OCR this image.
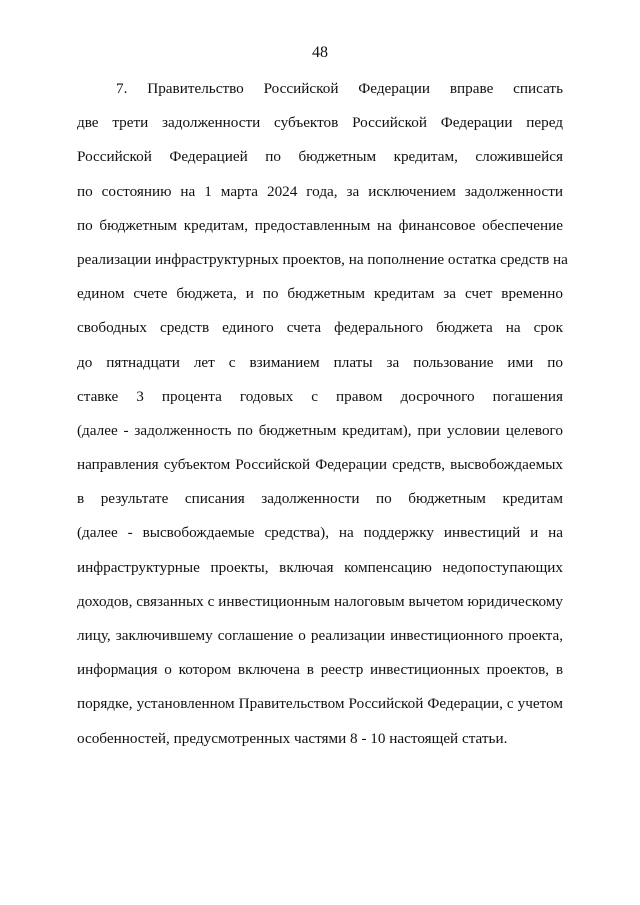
48
7. Правительство Российской Федерации вправе списать
две трети задолженности субъектов Российской Федерации перед
Российской Федерацией по бюджетным кредитам, сложившейся
по состоянию на 1 марта 2024 года, за исключением задолженности
по бюджетным кредитам, предоставленным на финансовое обеспечение
реализации инфраструктурных проектов, на пополнение остатка средств на
едином счете бюджета, и по бюджетным кредитам за счет временно
свободных средств единого счета федерального бюджета на срок
до пятнадцати лет с взиманием платы за пользование ими по
ставке 3 процента годовых с правом досрочного погашения
(далее - задолженность по бюджетным кредитам), при условии целевого
направления субъектом Российской Федерации средств, высвобождаемых
в результате списания задолженности по бюджетным кредитам
(далее - высвобождаемые средства), на поддержку инвестиций и на
инфраструктурные проекты, включая компенсацию недопоступающих
доходов, связанных с инвестиционным налоговым вычетом юридическому
лицу, заключившему соглашение о реализации инвестиционного проекта,
информация о котором включена в реестр инвестиционных проектов, в
порядке, установленном Правительством Российской Федерации, с учетом
особенностей, предусмотренных частями 8 - 10 настоящей статьи.
